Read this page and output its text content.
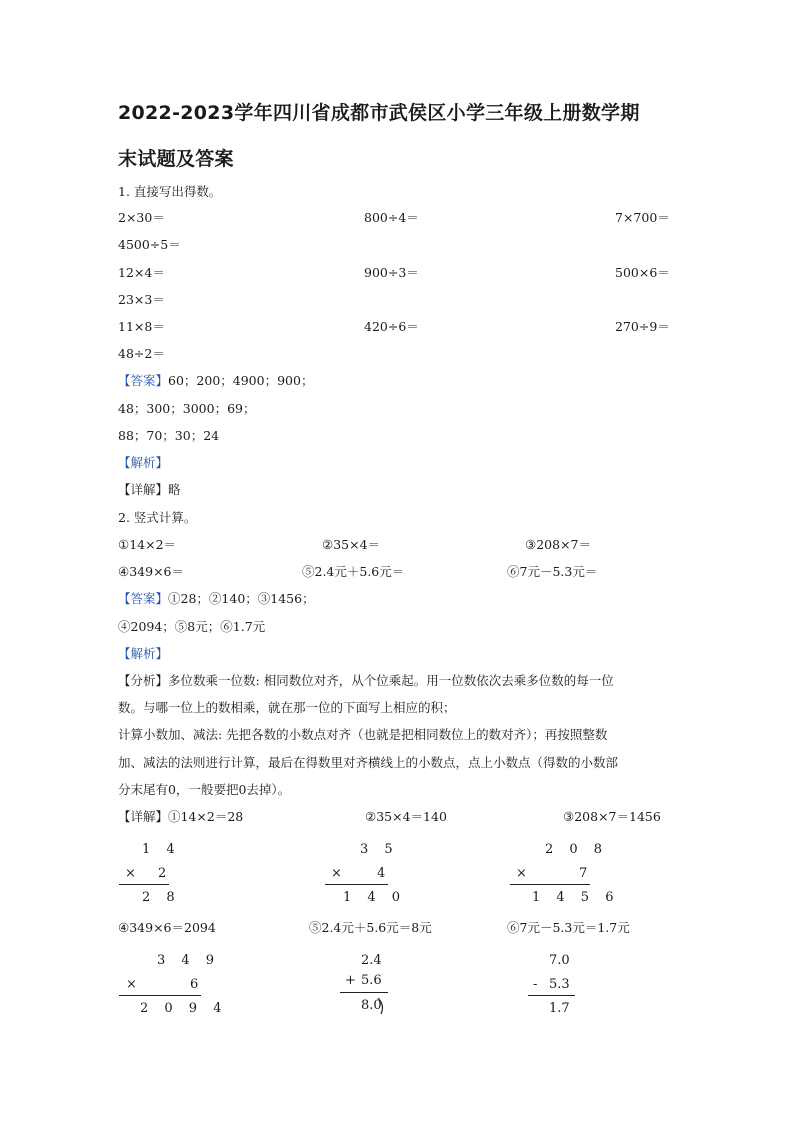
2022-2023学年四川省成都市武侯区小学三年级上册数学期
末试题及答案
1. 直接写出得数。
2×30＝	800÷4＝	7×700＝
4500÷5＝
12×4＝	900÷3＝	500×6＝
23×3＝
11×8＝	420÷6＝	270÷9＝
48÷2＝
【答案】60；200；4900；900；
48；300；3000；69；
88；70；30；24
【解析】
【详解】略
2. 竖式计算。
①14×2＝	②35×4＝	③208×7＝
④349×6＝	⑤2.4元＋5.6元＝	⑥7元－5.3元＝
【答案】①28；②140；③1456；
④2094；⑤8元；⑥1.7元
【解析】
【分析】多位数乘一位数: 相同数位对齐，从个位乘起。用一位数依次去乘多位数的每一位
数。与哪一位上的数相乘，就在那一位的下面写上相应的积；
计算小数加、减法: 先把各数的小数点对齐（也就是把相同数位上的数对齐）；再按照整数
加、减法的法则进行计算，最后在得数里对齐横线上的小数点，点上小数点（得数的小数部
分末尾有0，一般要把0去掉）。
【详解】①14×2＝28	②35×4＝140	③208×7＝1456
1 4
× 2
2 8
3 5
×	4
1 4 0
2 0 8
×	7
1 4 5 6
④349×6＝2094	⑤2.4元＋5.6元＝8元	⑥7元－5.3元＝1.7元
3 4 9
×	6
2 0 9 4
2.4
+ 5.6
8.0
7.0
- 5.3
1.7
